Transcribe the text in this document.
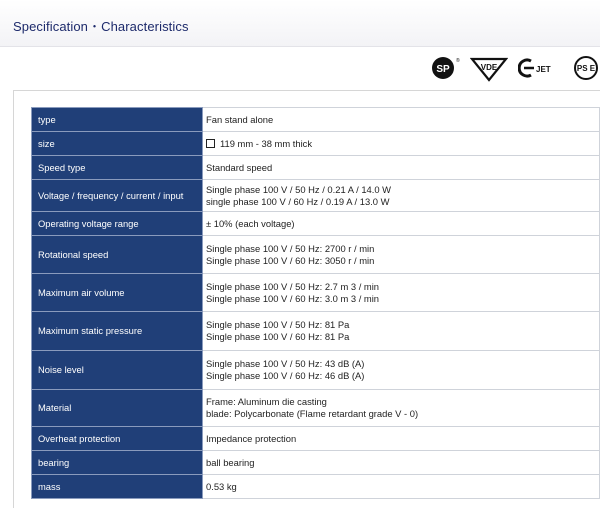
Specification・Characteristics
SP
®
VDE	JET	PS E
type	Fan stand alone

size	119 mm - 38 mm thick

Speed type	Standard speed

Voltage / frequency / current / input	Single phase 100 V / 50 Hz / 0.21 A / 14.0 W
single phase 100 V / 60 Hz / 0.19 A / 13.0 W

Operating voltage range	± 10% (each voltage)

Rotational speed	Single phase 100 V / 50 Hz: 2700 r / min
Single phase 100 V / 60 Hz: 3050 r / min

Maximum air volume	Single phase 100 V / 50 Hz: 2.7 m 3 / min
Single phase 100 V / 60 Hz: 3.0 m 3 / min

Maximum static pressure	Single phase 100 V / 50 Hz: 81 Pa
Single phase 100 V / 60 Hz: 81 Pa

Noise level	Single phase 100 V / 50 Hz: 43 dB (A)
Single phase 100 V / 60 Hz: 46 dB (A)

Material	Frame: Aluminum die casting
blade: Polycarbonate (Flame retardant grade V - 0)

Overheat protection	Impedance protection

bearing	ball bearing

mass	0.53 kg
